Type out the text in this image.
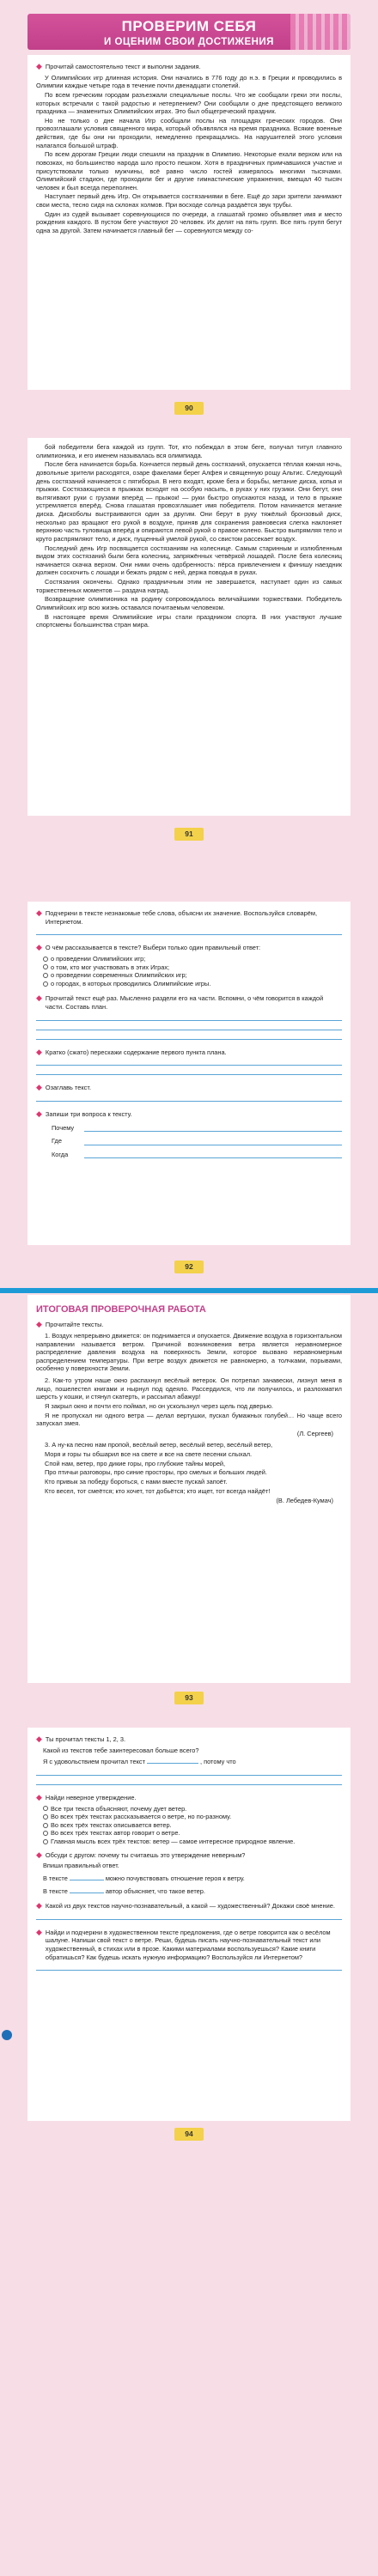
ПРОВЕРИМ СЕБЯ
И ОЦЕНИМ СВОИ ДОСТИЖЕНИЯ
◆ Прочитай самостоятельно текст и выполни задания.

У Олимпийских игр длинная история. Они начались в 776 году до н.э. в Греции и проводились в Олимпии каждые четыре года в течение почти двенадцати столетий.

По всем греческим городам разъезжали специальные послы. Что же сообщали греки эти послы, которых встречали с такой радостью и нетерпением? Они сообщали о дне предстоящего великого праздника — знаменитых Олимпийских играх. Это был общегреческий праздник.

Но не только о дне начала Игр сообщали послы на площадях греческих городов. Они провозглашали условия священного мира, который объявлялся на время праздника. Всякие военные действия, где бы они ни проходили, немедленно прекращались. На нарушителей этого условия налагался большой штраф.

По всем дорогам Греции люди спешили на праздник в Олимпию. Некоторые ехали верхом или на повозках, но большинство народа шло просто пешком. Хотя в праздничных примчавшихся участие и присутствовали только мужчины, всё равно число гостей измерялось многими тысячами. Олимпийский стадион, где проходили бег и другие гимнастические упражнения, вмещал 40 тысяч человек и был всегда переполнен.

Наступает первый день Игр. Он открывается состязаниями в беге. Ещё до зари зрители занимают свои места, тесно сидя на склонах холмов. При восходе солнца раздаётся звук трубы.

Один из судей вызывает соревнующихся по очереди, а глашатай громко объявляет имя и место рождения каждого. В пустом беге участвуют 20 человек. Их делят на пять групп. Все пять групп бегут одна за другой. Затем начинается главный бег — соревнуются между со-

90

бой победители бега каждой из групп. Тот, кто побеждал в этом беге, получал титул главного олимпионика, и его именем называлась вся олимпиада.

После бега начинается борьба. Кончается первый день состязаний, опускается тёплая южная ночь, довольные зрители расходятся, озаре факелами берег Алфея и священную рощу Альтис. Следующий день состязаний начинается с пятиборья. В него входят, кроме бега и борьбы, метание диска, копья и прыжки. Состязающиеся в прыжках всходят на особую насыпь, в руках у них грузики. Они бегут, они вытягивают руки с грузами вперёд — прыжок! — руки быстро опускаются назад, и тело в прыжке устремляется вперёд. Снова глашатая провозглашает имя победителя. Потом начинается метание диска. Дискоболы выстраиваются один за другим. Они берут в руку тяжёлый бронзовый диск, несколько раз вращают его рукой в воздухе, приняв для сохранения равновесия слегка наклоняет верхнюю часть туловища вперёд и опираются левой рукой о правое колено. Быстро выпрямляя тело и круто распрямляют тело, и диск, пущенный умелой рукой, со свистом рассекает воздух.

Последний день Игр посвящается состязаниям на колеснице. Самым старинным и излюбленным видом этих состязаний были бега колесниц, запряжённых четвёркой лошадей. После бега колесниц начинается скачка верхом. Они ними очень одобренность: пёрса привлечением к финишу наездник должен соскочить с лошади и бежать рядом с ней, держа поводья в руках.

Состязания окончены. Однако праздничным этим не завершается, наступает один из самых торжественных моментов — раздача наград.

Возвращение олимпионика на родину сопровождалось величайшими торжествами. Победитель Олимпийских игр всю жизнь оставался почитаемым человеком.

В настоящее время Олимпийские игры стали праздником спорта. В них участвуют лучшие спортсмены большинства стран мира.

91
◆ Подчеркни в тексте незнакомые тебе слова, объясни их значение. Воспользуйся словарём, Интернетом.
◆ О чём рассказывается в тексте? Выбери только один правильный ответ:
о проведении Олимпийских игр;
о том, кто мог участвовать в этих Играх;
о проведении современных Олимпийских игр;
о городах, в которых проводились Олимпийские игры.
◆ Прочитай текст ещё раз. Мысленно раздели его на части. Вспомни, о чём говорится в каждой части. Составь план.
◆ Кратко (сжато) перескажи содержание первого пункта плана.
◆ Озаглавь текст.
◆ Запиши три вопроса к тексту.
Почему
Где
Когда
92
ИТОГОВАЯ ПРОВЕРОЧНАЯ РАБОТА
◆ Прочитайте тексты.

1. Воздух непрерывно движется: он поднимается и опускается. Движение воздуха в горизонтальном направлении называется ветром. Причиной возникновения ветра является неравномерное распределение давления воздуха на поверхность Земли, которое вызвано неравномерным распределением температуры. При ветре воздух движется не равномерно, а толчками, порывами, особенно у поверхности Земли.

2. Как-то утром наше окно распахнул весёлый ветерок. Он потрепал занавески, лизнул меня в лицо, пошелестел книгами и нырнул под одеяло. Рассердился, что ли получилось, и разлохматил шерсть у кошки, и стянул скатерть, и рассыпал абажур!

Я закрыл окно и почти его поймал, но он ускользнул через щель под дверью.

Я не пропускал ни одного ветра — делал вертушки, пускал бумажных голубей… Но чаще всего запускал змея.

(Л. Сергеев)

3. А ну-ка песню нам пропой, весёлый ветер, весёлый ветер, весёлый ветер,

Моря и горы ты обшарил все на свете и все на свете песенки слыхал.

Спой нам, ветер, про дикие горы, про глубокие тайны морей,

Про птичьи разговоры, про синие просторы, про смелых и больших людей.

Кто привык за победу бороться, с нами вместе пускай запоёт.

Кто весел, тот смеётся; кто хочет, тот добьётся; кто ищет, тот всегда найдёт!

(В. Лебедев-Кумач)
93
◆ Ты прочитал тексты 1, 2, 3.
Какой из текстов тебе заинтересовал больше всего?
Я с удовольствием прочитал текст	, потому что
◆ Найди неверное утверждение.
Все три текста объясняют, почему дует ветер.
Во всех трёх текстах рассказывается о ветре, но по-разному.
Во всех трёх текстах описывается ветер.
Во всех трёх текстах автор говорит о ветре.
Главная мысль всех трёх текстов: ветер — самое интересное природное явление.
◆ Обсуди с другом: почему ты считаешь это утверждение неверным?
Впиши правильный ответ.
В тексте	можно почувствовать отношение героя к ветру.
В тексте	автор объясняет, что такое ветер.
◆ Какой из двух текстов научно-познавательный, а какой — художественный? Докажи своё мнение.
◆ Найди и подчеркни в художественном тексте предложения, где о ветре говорится как о весёлом шалуне. Напиши свой текст о ветре. Реши, будешь писать научно-познавательный текст или художественный, в стихах или в прозе. Какими материалами воспользуешься? Какие книги обратишься? Как будешь искать нужную информацию? Воспользуйся ли Интернетом?
94
